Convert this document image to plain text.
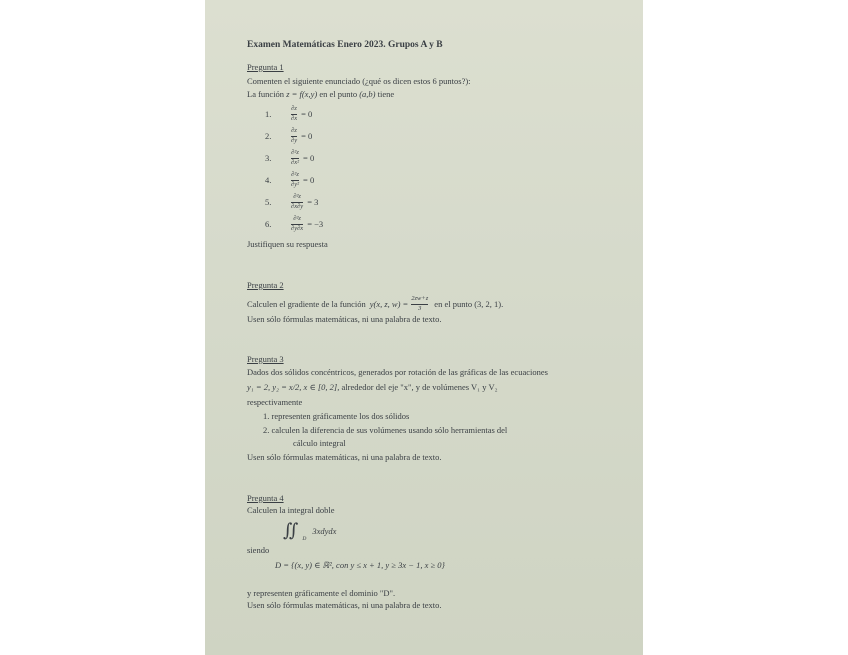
Examen Matemáticas Enero 2023. Grupos A y B
Pregunta 1
Comenten el siguiente enunciado (¿qué os dicen estos 6 puntos?):
La función z = f(x,y) en el punto (a,b) tiene
1.	$\frac{\partial z}{\partial x} = 0$
2.	$\frac{\partial z}{\partial y} = 0$
3.	$\frac{\text{∂²z}}{\text{∂x²}} = 0$
4.	$\frac{\text{∂²z}}{\text{∂y²}} = 0$
5.	$\frac{\text{∂²z}}{\partial x\partial y} = 3$
6.	$\frac{\text{∂²z}}{\partial y\partial x} = -3$
Justifiquen su respuesta
Pregunta 2
Calculen el gradiente de la función y(x, z, $w) = \frac{2zw+z}{3}$ en el punto (3, 2, 1).
Usen sólo fórmulas matemáticas, ni una palabra de texto.
Pregunta 3
Dados dos sólidos concéntricos, generados por rotación de las gráficas de las ecuaciones
y₁ = 2, y₂ = x/2, x ∈ [0, 2], alrededor del eje "x", y de volúmenes V₁ y V₂
respectivamente
1. representen gráficamente los dos sólidos
2. calculen la diferencia de sus volúmenes usando sólo herramientas del
cálculo integral
Usen sólo fórmulas matemáticas, ni una palabra de texto.
Pregunta 4
Calculen la integral doble
∬ D
3xdydx
siendo
D = {(x, y) ∈ ℝ², con y ≤ x + 1, y ≥ 3x − 1, x ≥ 0}
y representen gráficamente el dominio "D".
Usen sólo fórmulas matemáticas, ni una palabra de texto.
